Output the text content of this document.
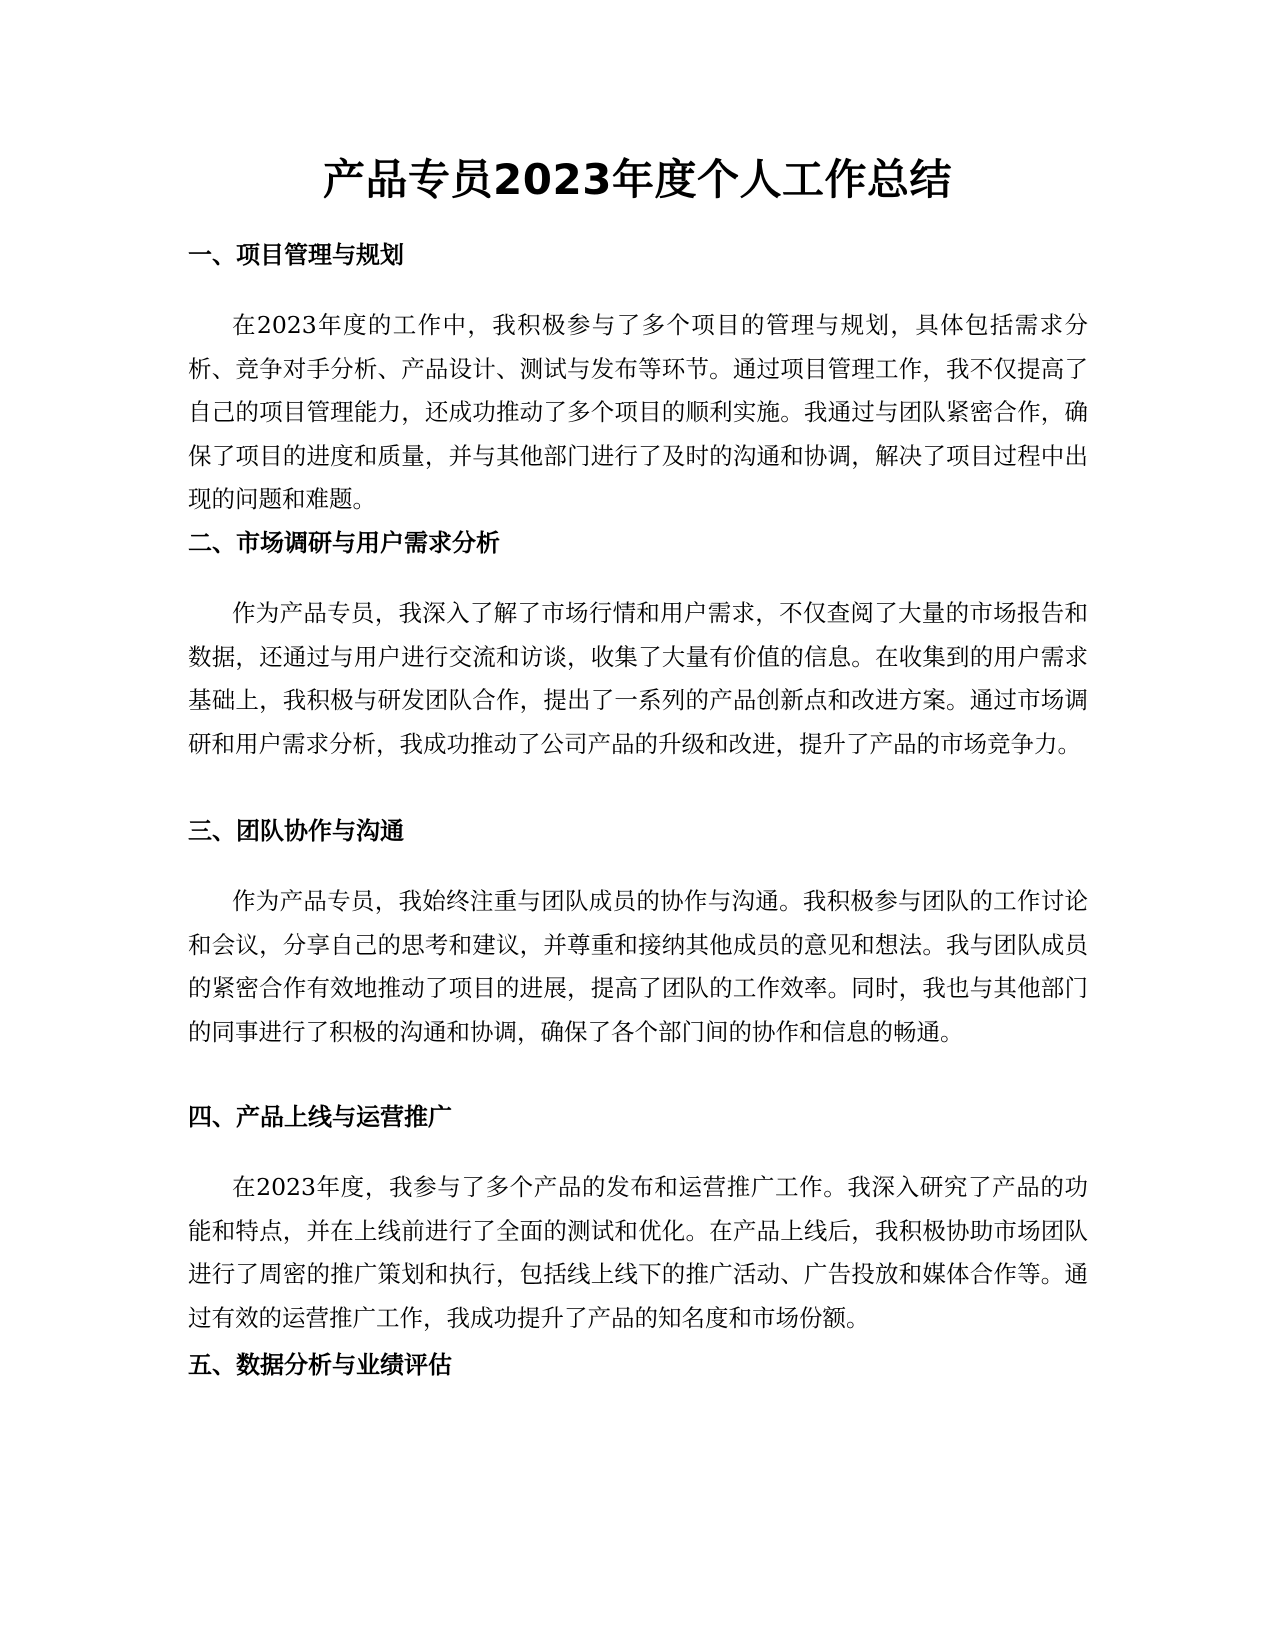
产品专员2023年度个人工作总结
一、项目管理与规划

在2023年度的工作中，我积极参与了多个项目的管理与规划，具体包括需求分析、竞争对手分析、产品设计、测试与发布等环节。通过项目管理工作，我不仅提高了自己的项目管理能力，还成功推动了多个项目的顺利实施。我通过与团队紧密合作，确保了项目的进度和质量，并与其他部门进行了及时的沟通和协调，解决了项目过程中出现的问题和难题。

二、市场调研与用户需求分析

作为产品专员，我深入了解了市场行情和用户需求，不仅查阅了大量的市场报告和数据，还通过与用户进行交流和访谈，收集了大量有价值的信息。在收集到的用户需求基础上，我积极与研发团队合作，提出了一系列的产品创新点和改进方案。通过市场调研和用户需求分析，我成功推动了公司产品的升级和改进，提升了产品的市场竞争力。

三、团队协作与沟通

作为产品专员，我始终注重与团队成员的协作与沟通。我积极参与团队的工作讨论和会议，分享自己的思考和建议，并尊重和接纳其他成员的意见和想法。我与团队成员的紧密合作有效地推动了项目的进展，提高了团队的工作效率。同时，我也与其他部门的同事进行了积极的沟通和协调，确保了各个部门间的协作和信息的畅通。

四、产品上线与运营推广

在2023年度，我参与了多个产品的发布和运营推广工作。我深入研究了产品的功能和特点，并在上线前进行了全面的测试和优化。在产品上线后，我积极协助市场团队进行了周密的推广策划和执行，包括线上线下的推广活动、广告投放和媒体合作等。通过有效的运营推广工作，我成功提升了产品的知名度和市场份额。

五、数据分析与业绩评估
